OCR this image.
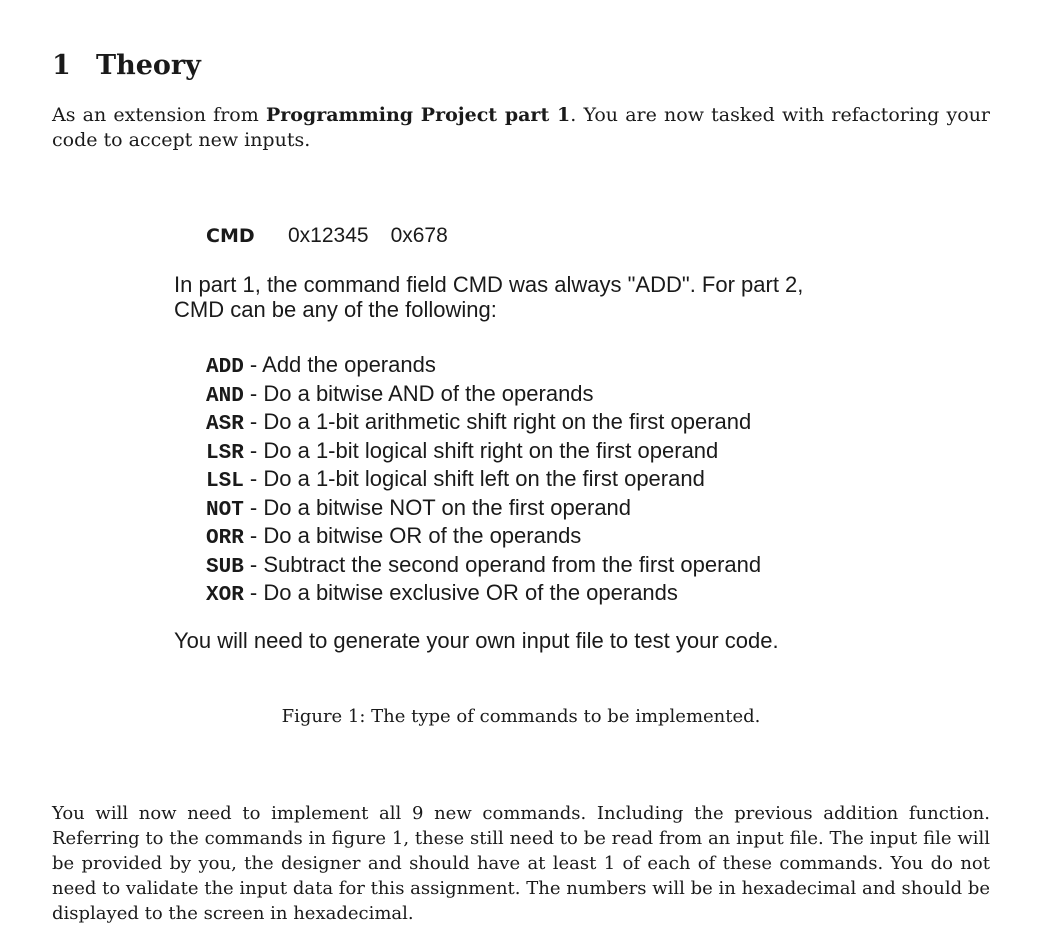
1 Theory
As an extension from Programming Project part 1. You are now tasked with refactoring your code to accept new inputs.
CMD 0x12345 0x678
In part 1, the command field CMD was always "ADD". For part 2, CMD can be any of the following:
ADD - Add the operands
AND - Do a bitwise AND of the operands
ASR - Do a 1-bit arithmetic shift right on the first operand
LSR - Do a 1-bit logical shift right on the first operand
LSL - Do a 1-bit logical shift left on the first operand
NOT - Do a bitwise NOT on the first operand
ORR - Do a bitwise OR of the operands
SUB - Subtract the second operand from the first operand
XOR - Do a bitwise exclusive OR of the operands
You will need to generate your own input file to test your code.
Figure 1: The type of commands to be implemented.
You will now need to implement all 9 new commands. Including the previous addition function. Referring to the commands in figure 1, these still need to be read from an input file. The input file will be provided by you, the designer and should have at least 1 of each of these commands. You do not need to validate the input data for this assignment. The numbers will be in hexadecimal and should be displayed to the screen in hexadecimal.
